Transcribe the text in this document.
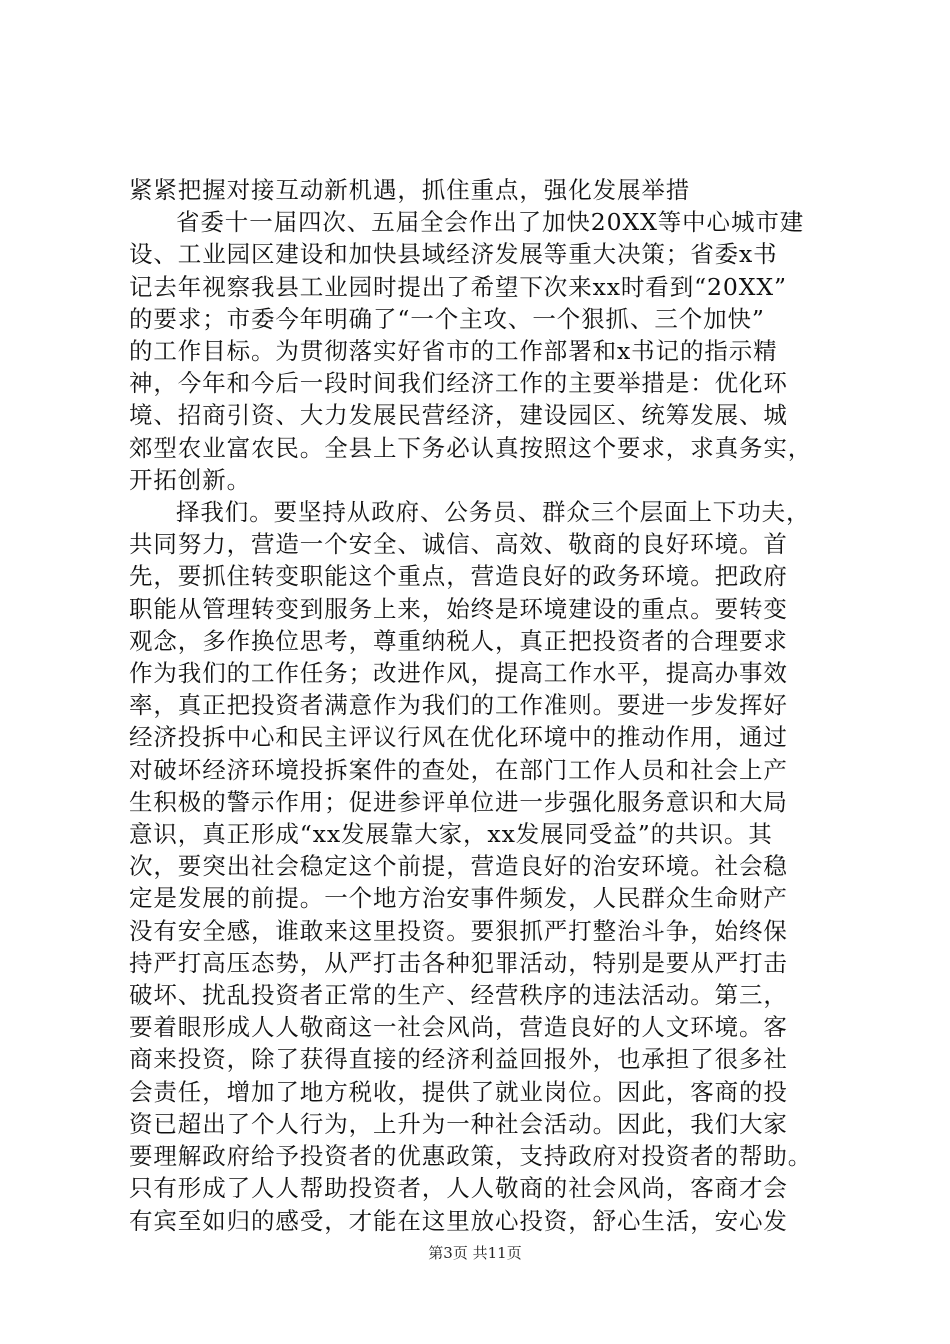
紧紧把握对接互动新机遇，抓住重点，强化发展举措
省委十一届四次、五届全会作出了加快20XX等中心城市建
设、工业园区建设和加快县域经济发展等重大决策；省委x书
记去年视察我县工业园时提出了希望下次来xx时看到“20XX”
的要求；市委今年明确了“一个主攻、一个狠抓、三个加快”
的工作目标。为贯彻落实好省市的工作部署和x书记的指示精
神，今年和今后一段时间我们经济工作的主要举措是：优化环
境、招商引资、大力发展民营经济，建设园区、统筹发展、城
郊型农业富农民。全县上下务必认真按照这个要求，求真务实，
开拓创新。
择我们。要坚持从政府、公务员、群众三个层面上下功夫，
共同努力，营造一个安全、诚信、高效、敬商的良好环境。首
先，要抓住转变职能这个重点，营造良好的政务环境。把政府
职能从管理转变到服务上来，始终是环境建设的重点。要转变
观念，多作换位思考，尊重纳税人，真正把投资者的合理要求
作为我们的工作任务；改进作风，提高工作水平，提高办事效
率，真正把投资者满意作为我们的工作准则。要进一步发挥好
经济投拆中心和民主评议行风在优化环境中的推动作用，通过
对破坏经济环境投拆案件的查处，在部门工作人员和社会上产
生积极的警示作用；促进参评单位进一步强化服务意识和大局
意识，真正形成“xx发展靠大家，xx发展同受益”的共识。其
次，要突出社会稳定这个前提，营造良好的治安环境。社会稳
定是发展的前提。一个地方治安事件频发，人民群众生命财产
没有安全感，谁敢来这里投资。要狠抓严打整治斗争，始终保
持严打高压态势，从严打击各种犯罪活动，特别是要从严打击
破坏、扰乱投资者正常的生产、经营秩序的违法活动。第三，
要着眼形成人人敬商这一社会风尚，营造良好的人文环境。客
商来投资，除了获得直接的经济利益回报外，也承担了很多社
会责任，增加了地方税收，提供了就业岗位。因此，客商的投
资已超出了个人行为，上升为一种社会活动。因此，我们大家
要理解政府给予投资者的优惠政策，支持政府对投资者的帮助。
只有形成了人人帮助投资者，人人敬商的社会风尚，客商才会
有宾至如归的感受，才能在这里放心投资，舒心生活，安心发
第3页 共11页
